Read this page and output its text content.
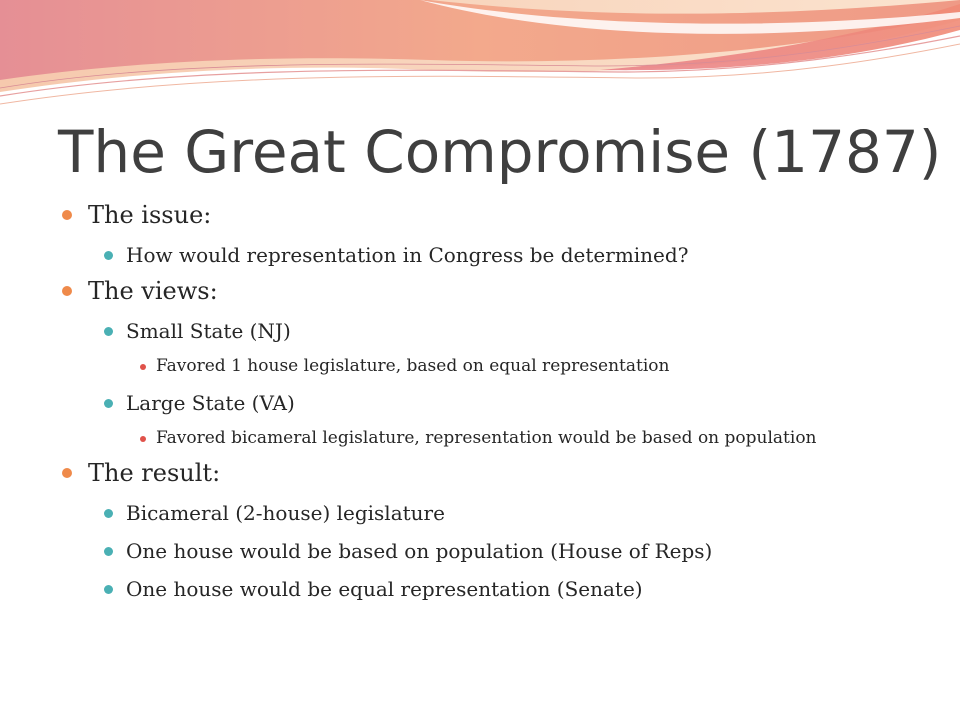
The Great Compromise (1787)
The issue:
How would representation in Congress be determined?
The views:
Small State (NJ)
Favored 1 house legislature, based on equal representation
Large State (VA)
Favored bicameral legislature, representation would be based on population
The result:
Bicameral (2-house) legislature
One house would be based on population (House of Reps)
One house would be equal representation (Senate)
